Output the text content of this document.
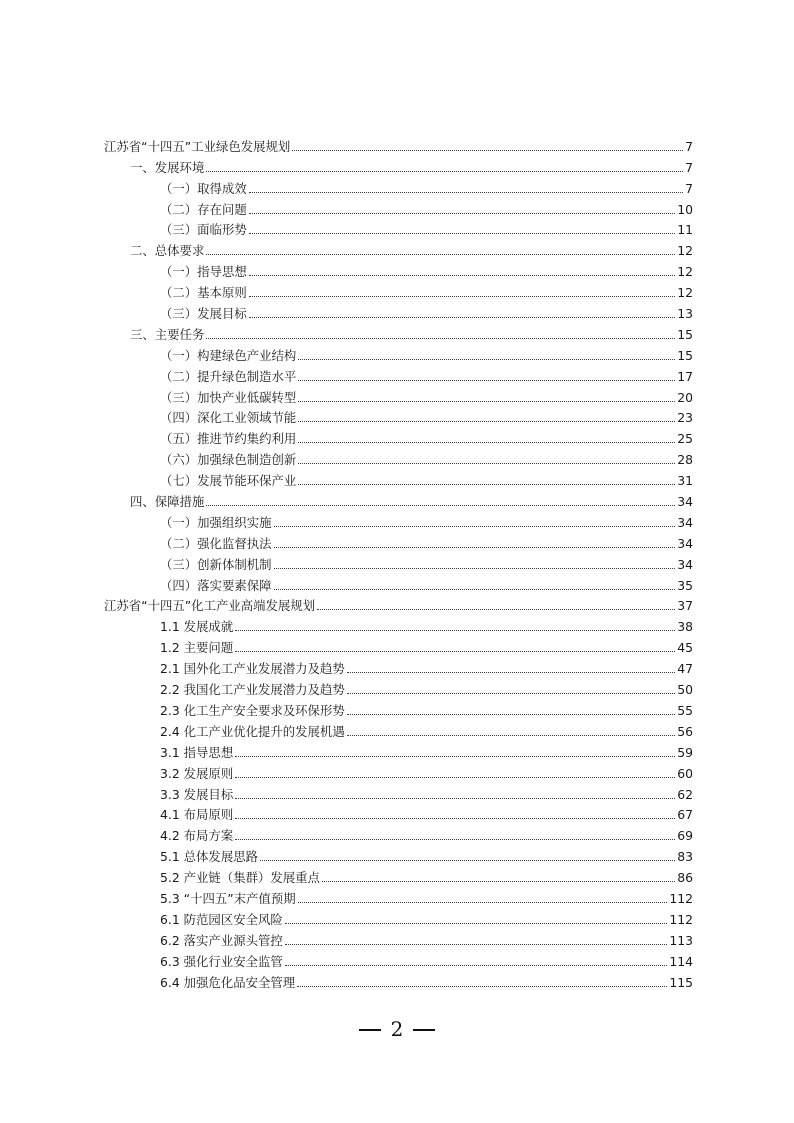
江苏省“十四五”工业绿色发展规划	7
一、发展环境	7
（一）取得成效	7
（二）存在问题	10
（三）面临形势	11
二、总体要求	12
（一）指导思想	12
（二）基本原则	12
（三）发展目标	13
三、主要任务	15
（一）构建绿色产业结构	15
（二）提升绿色制造水平	17
（三）加快产业低碳转型	20
（四）深化工业领域节能	23
（五）推进节约集约利用	25
（六）加强绿色制造创新	28
（七）发展节能环保产业	31
四、保障措施	34
（一）加强组织实施	34
（二）强化监督执法	34
（三）创新体制机制	34
（四）落实要素保障	35
江苏省“十四五”化工产业高端发展规划	37
1.1 发展成就	38
1.2 主要问题	45
2.1 国外化工产业发展潜力及趋势	47
2.2 我国化工产业发展潜力及趋势	50
2.3 化工生产安全要求及环保形势	55
2.4 化工产业优化提升的发展机遇	56
3.1 指导思想	59
3.2 发展原则	60
3.3 发展目标	62
4.1 布局原则	67
4.2 布局方案	69
5.1 总体发展思路	83
5.2 产业链（集群）发展重点	86
5.3 “十四五”末产值预期	112
6.1 防范园区安全风险	112
6.2 落实产业源头管控	113
6.3 强化行业安全监管	114
6.4 加强危化品安全管理	115
2
